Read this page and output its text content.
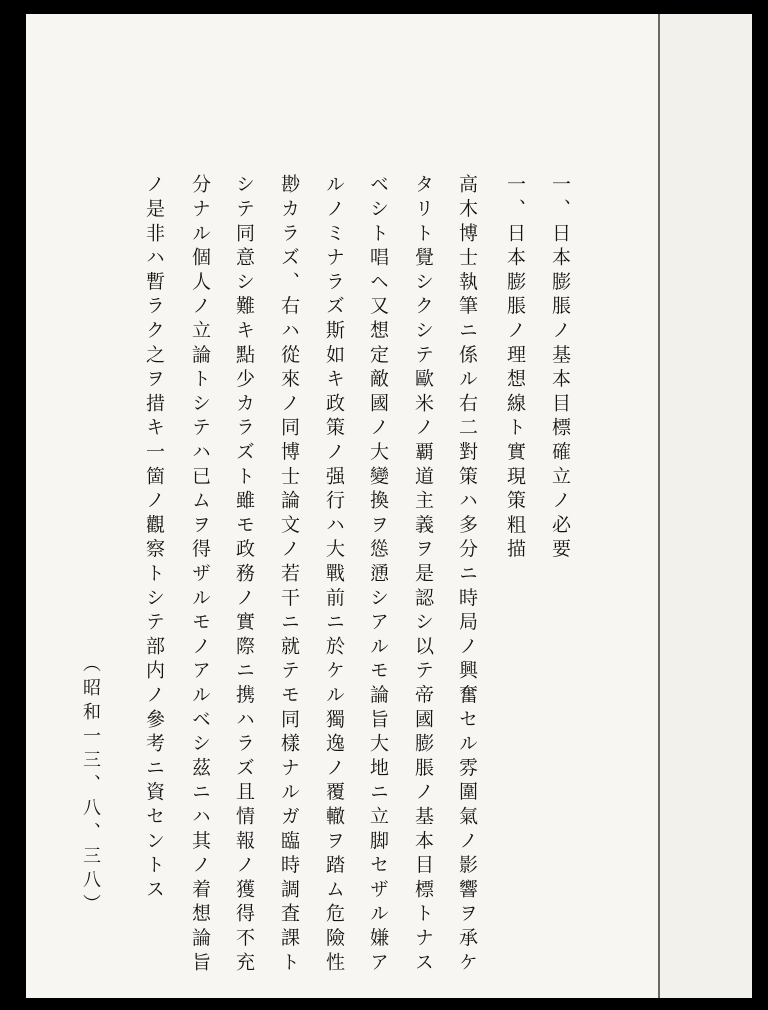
一、日本膨脹ノ基本目標確立ノ必要
一、日本膨脹ノ理想線ト實現策粗描
高木博士執筆ニ係ル右二對策ハ多分ニ時局ノ興奮セル雰圍氣ノ影響ヲ承ケ
タリト覺シクシテ歐米ノ覇道主義ヲ是認シ以テ帝國膨脹ノ基本目標トナス
ベシト唱ヘ又想定敵國ノ大變換ヲ慫慂シアルモ論旨大地ニ立脚セザル嫌ア
ルノミナラズ斯如キ政策ノ强行ハ大戰前ニ於ケル獨逸ノ覆轍ヲ踏ム危險性
尠カラズ、右ハ從來ノ同博士論文ノ若干ニ就テモ同樣ナルガ臨時調査課ト
シテ同意シ難キ點少カラズト雖モ政務ノ實際ニ携ハラズ且情報ノ獲得不充
分ナル個人ノ立論トシテハ已ムヲ得ザルモノアルベシ茲ニハ其ノ着想論旨
ノ是非ハ暫ラク之ヲ措キ一箇ノ觀察トシテ部内ノ參考ニ資セントス
（昭和一三、八、三八）
